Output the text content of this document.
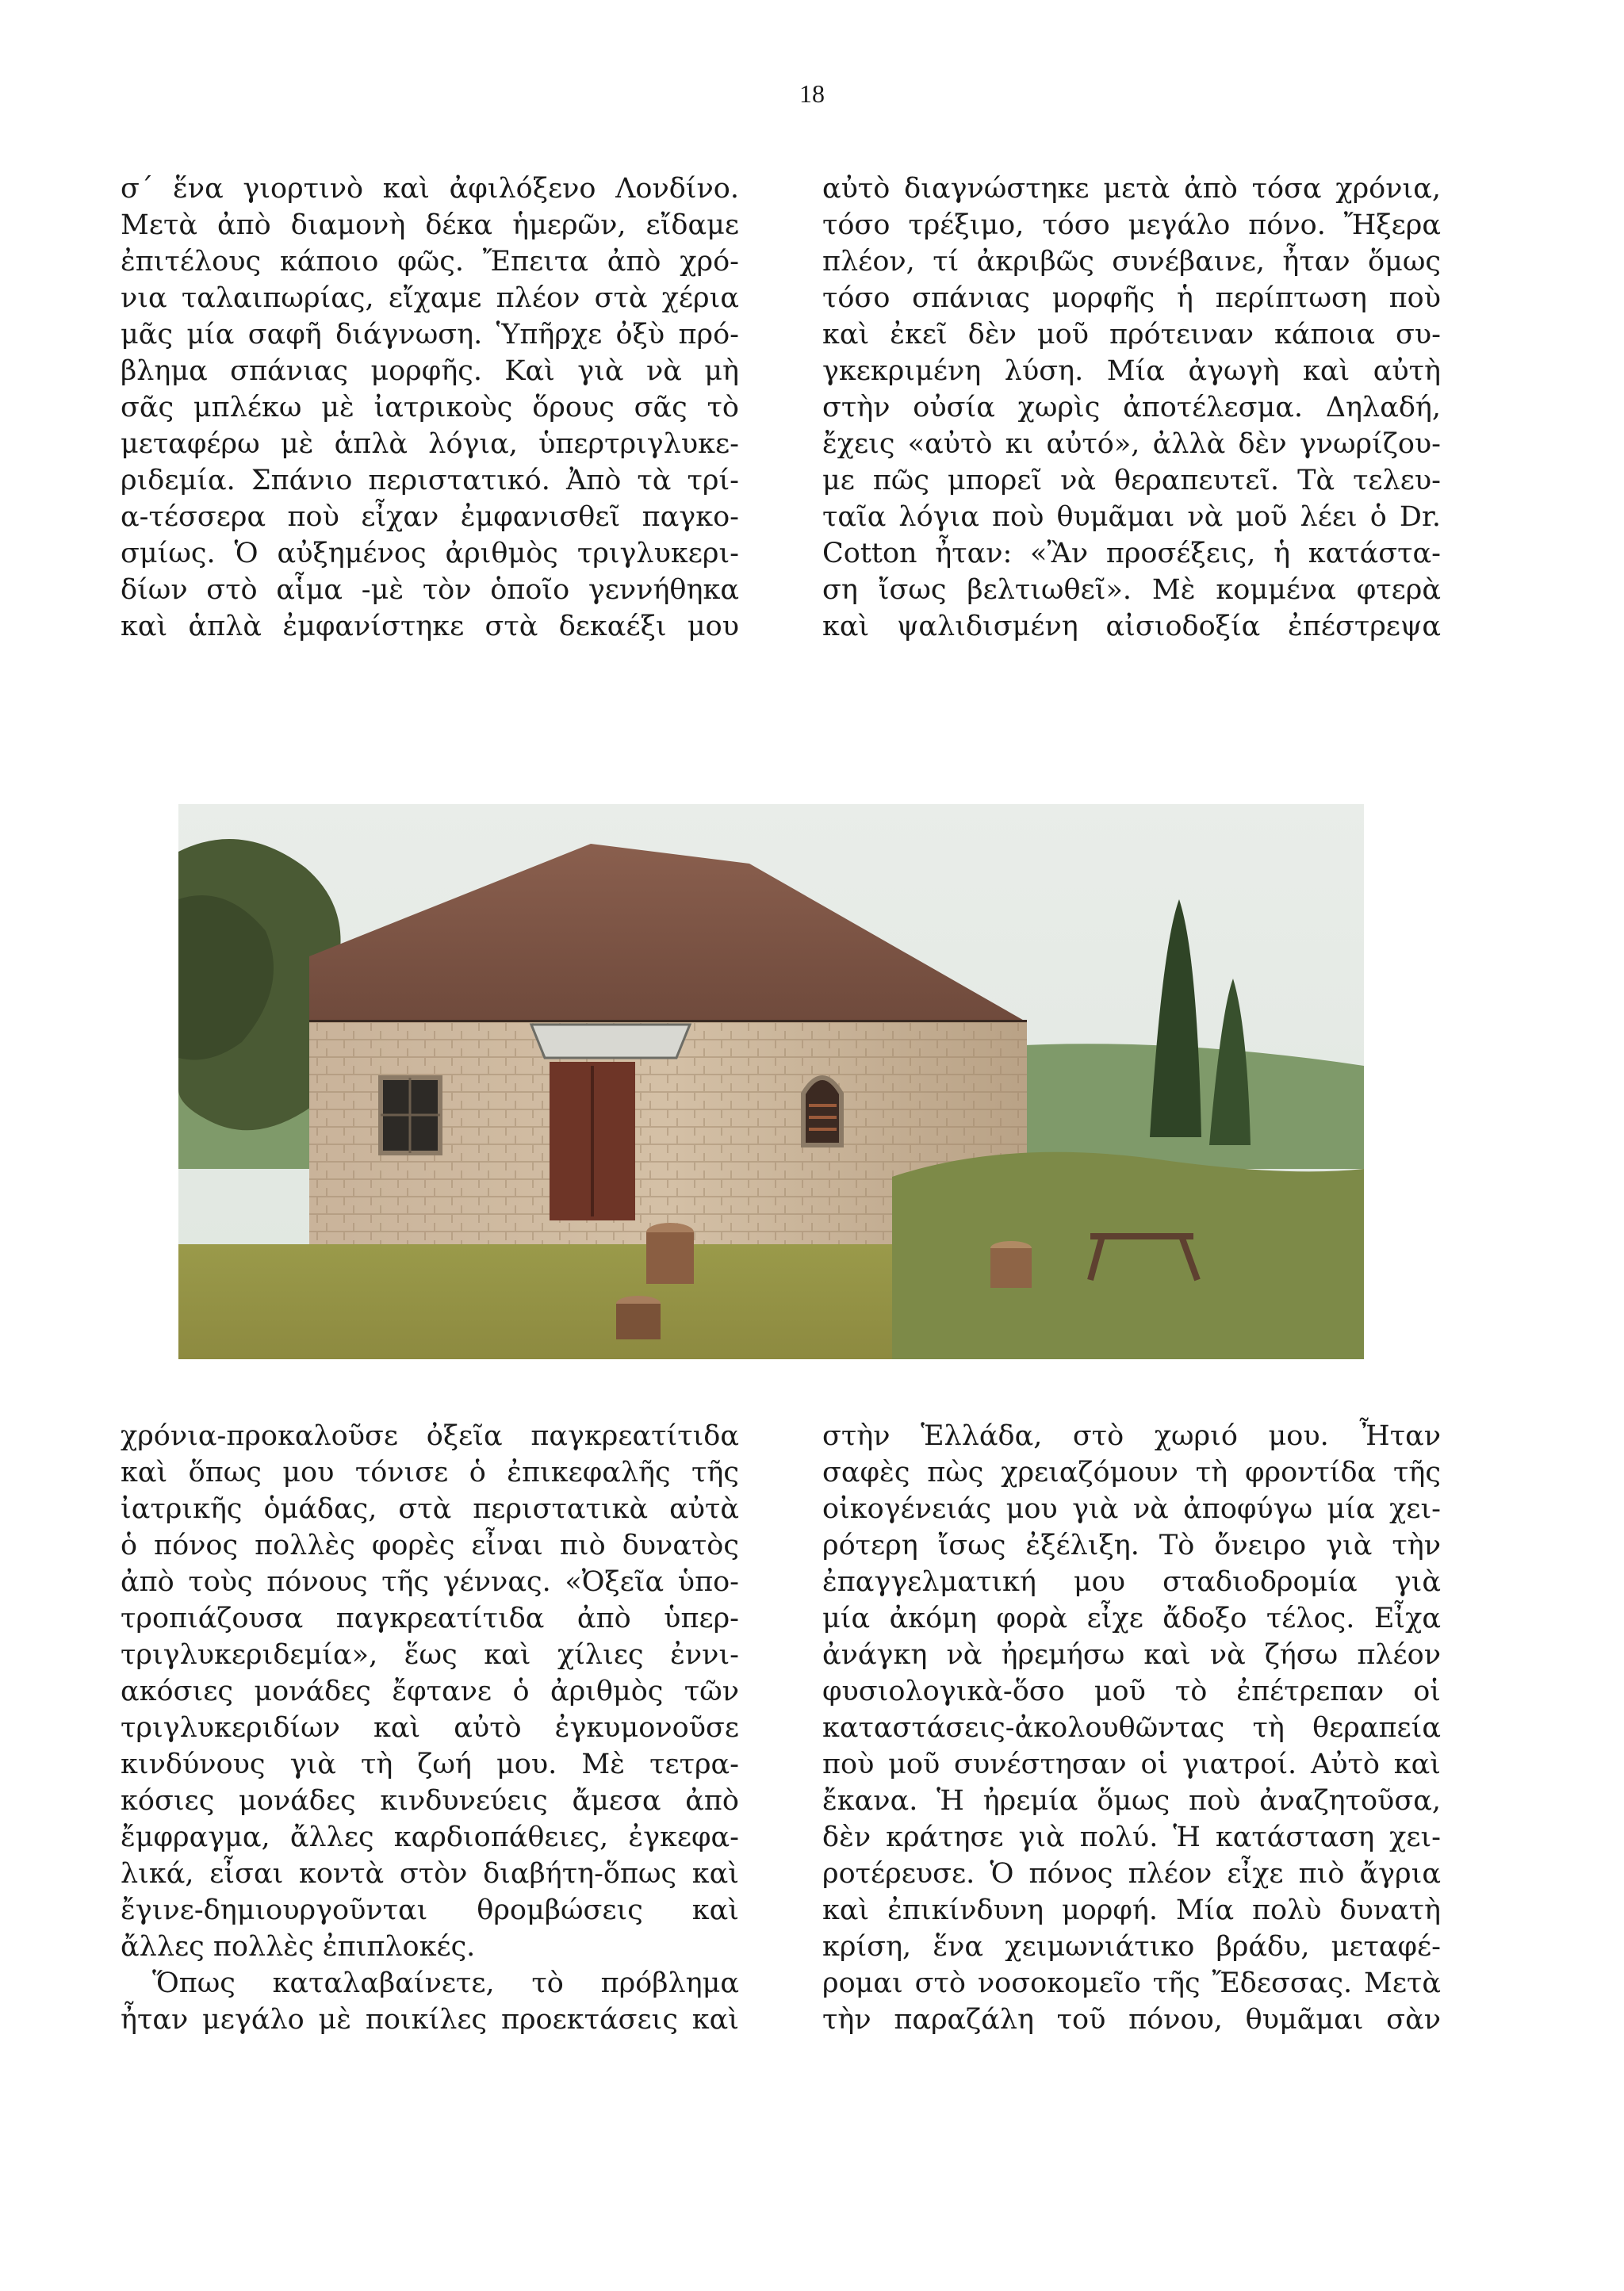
18

σ΄ ἕνα γιορτινὸ καὶ ἀφιλόξενο Λονδίνο.

Μετὰ ἀπὸ διαμονὴ δέκα ἡμερῶν, εἴδαμε

ἐπιτέλους κάποιο φῶς. Ἔπειτα ἀπὸ χρό-

νια ταλαιπωρίας, εἴχαμε πλέον στὰ χέρια

μᾶς μία σαφῆ διάγνωση. Ὑπῆρχε ὀξὺ πρό-

βλημα σπάνιας μορφῆς. Καὶ γιὰ νὰ μὴ

σᾶς μπλέκω μὲ ἰατρικοὺς ὅρους σᾶς τὸ

μεταφέρω μὲ ἁπλὰ λόγια, ὑπερτριγλυκε-

ριδεμία. Σπάνιο περιστατικό. Ἀπὸ τὰ τρί-

α-τέσσερα ποὺ εἶχαν ἐμφανισθεῖ παγκο-

σμίως. Ὁ αὐξημένος ἀριθμὸς τριγλυκερι-

δίων στὸ αἷμα -μὲ τὸν ὁποῖο γεννήθηκα

καὶ ἁπλὰ ἐμφανίστηκε στὰ δεκαέξι μου

αὐτὸ διαγνώστηκε μετὰ ἀπὸ τόσα χρόνια,

τόσο τρέξιμο, τόσο μεγάλο πόνο. Ἤξερα

πλέον, τί ἀκριβῶς συνέβαινε, ἦταν ὅμως

τόσο σπάνιας μορφῆς ἡ περίπτωση ποὺ

καὶ ἐκεῖ δὲν μοῦ πρότειναν κάποια συ-

γκεκριμένη λύση. Μία ἀγωγὴ καὶ αὐτὴ

στὴν οὐσία χωρὶς ἀποτέλεσμα. Δηλαδή,

ἔχεις «αὐτὸ κι αὐτό», ἀλλὰ δὲν γνωρίζου-

με πῶς μπορεῖ νὰ θεραπευτεῖ. Τὰ τελευ-

ταῖα λόγια ποὺ θυμᾶμαι νὰ μοῦ λέει ὁ Dr.

Cotton ἦταν: «Ἂν προσέξεις, ἡ κατάστα-

ση ἴσως βελτιωθεῖ». Μὲ κομμένα φτερὰ

καὶ ψαλιδισμένη αἰσιοδοξία ἐπέστρεψα

χρόνια-προκαλοῦσε ὀξεῖα παγκρεατίτιδα

καὶ ὅπως μου τόνισε ὁ ἐπικεφαλῆς τῆς

ἰατρικῆς ὁμάδας, στὰ περιστατικὰ αὐτὰ

ὁ πόνος πολλὲς φορὲς εἶναι πιὸ δυνατὸς

ἀπὸ τοὺς πόνους τῆς γέννας. «Ὀξεῖα ὑπο-

τροπιάζουσα παγκρεατίτιδα ἀπὸ ὑπερ-

τριγλυκεριδεμία», ἕως καὶ χίλιες ἐννι-

ακόσιες μονάδες ἔφτανε ὁ ἀριθμὸς τῶν

τριγλυκεριδίων καὶ αὐτὸ ἐγκυμονοῦσε

κινδύνους γιὰ τὴ ζωή μου. Μὲ τετρα-

κόσιες μονάδες κινδυνεύεις ἄμεσα ἀπὸ

ἔμφραγμα, ἄλλες καρδιοπάθειες, ἐγκεφα-

λικά, εἶσαι κοντὰ στὸν διαβήτη-ὅπως καὶ

ἔγινε-δημιουργοῦνται θρομβώσεις καὶ

ἄλλες πολλὲς ἐπιπλοκές.

Ὅπως καταλαβαίνετε, τὸ πρόβλημα

ἦταν μεγάλο μὲ ποικίλες προεκτάσεις καὶ

στὴν Ἑλλάδα, στὸ χωριό μου. Ἦταν

σαφὲς πὼς χρειαζόμουν τὴ φροντίδα τῆς

οἰκογένειάς μου γιὰ νὰ ἀποφύγω μία χει-

ρότερη ἴσως ἐξέλιξη. Τὸ ὄνειρο γιὰ τὴν

ἐπαγγελματική μου σταδιοδρομία γιὰ

μία ἀκόμη φορὰ εἶχε ἄδοξο τέλος. Εἶχα

ἀνάγκη νὰ ἠρεμήσω καὶ νὰ ζήσω πλέον

φυσιολογικὰ-ὅσο μοῦ τὸ ἐπέτρεπαν οἱ

καταστάσεις-ἀκολουθῶντας τὴ θεραπεία

ποὺ μοῦ συνέστησαν οἱ γιατροί. Αὐτὸ καὶ

ἔκανα. Ἡ ἠρεμία ὅμως ποὺ ἀναζητοῦσα,

δὲν κράτησε γιὰ πολύ. Ἡ κατάσταση χει-

ροτέρευσε. Ὁ πόνος πλέον εἶχε πιὸ ἄγρια

καὶ ἐπικίνδυνη μορφή. Μία πολὺ δυνατὴ

κρίση, ἕνα χειμωνιάτικο βράδυ, μεταφέ-

ρομαι στὸ νοσοκομεῖο τῆς Ἔδεσσας. Μετὰ

τὴν παραζάλη τοῦ πόνου, θυμᾶμαι σὰν
